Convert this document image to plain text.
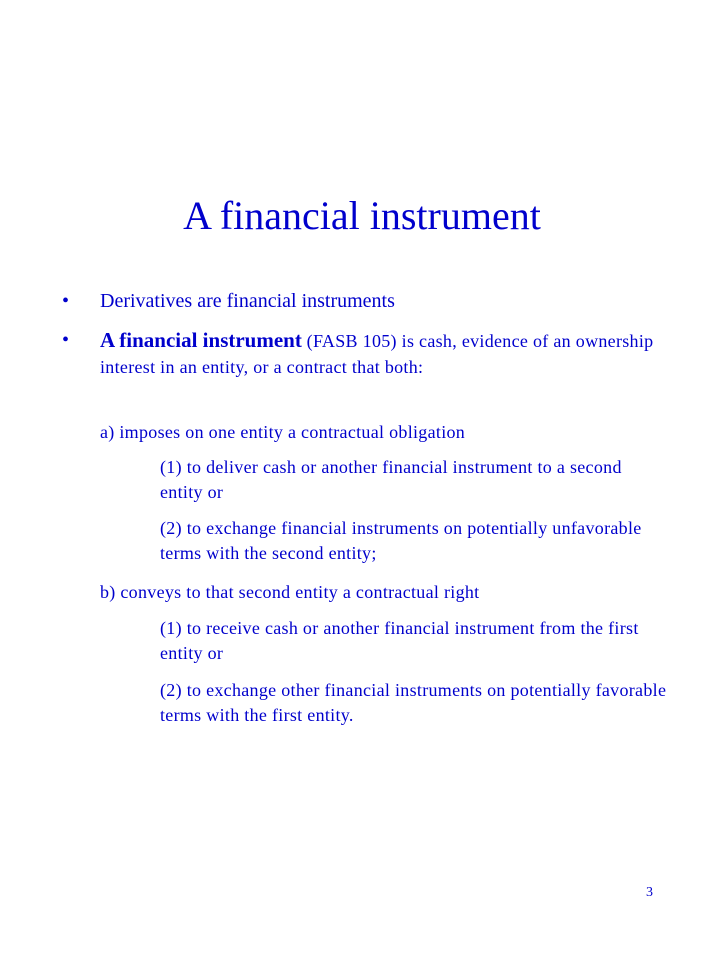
A financial instrument
• Derivatives are financial instruments
• A financial instrument (FASB 105) is cash, evidence of an ownership interest in an entity, or a contract that both:
a) imposes on one entity a contractual obligation
(1) to deliver cash or another financial instrument to a second entity or
(2) to exchange financial instruments on potentially unfavorable terms with the second entity;
b) conveys to that second entity a contractual right
(1) to receive cash or another financial instrument from the first entity or
(2) to exchange other financial instruments on potentially favorable terms with the first entity.
3
